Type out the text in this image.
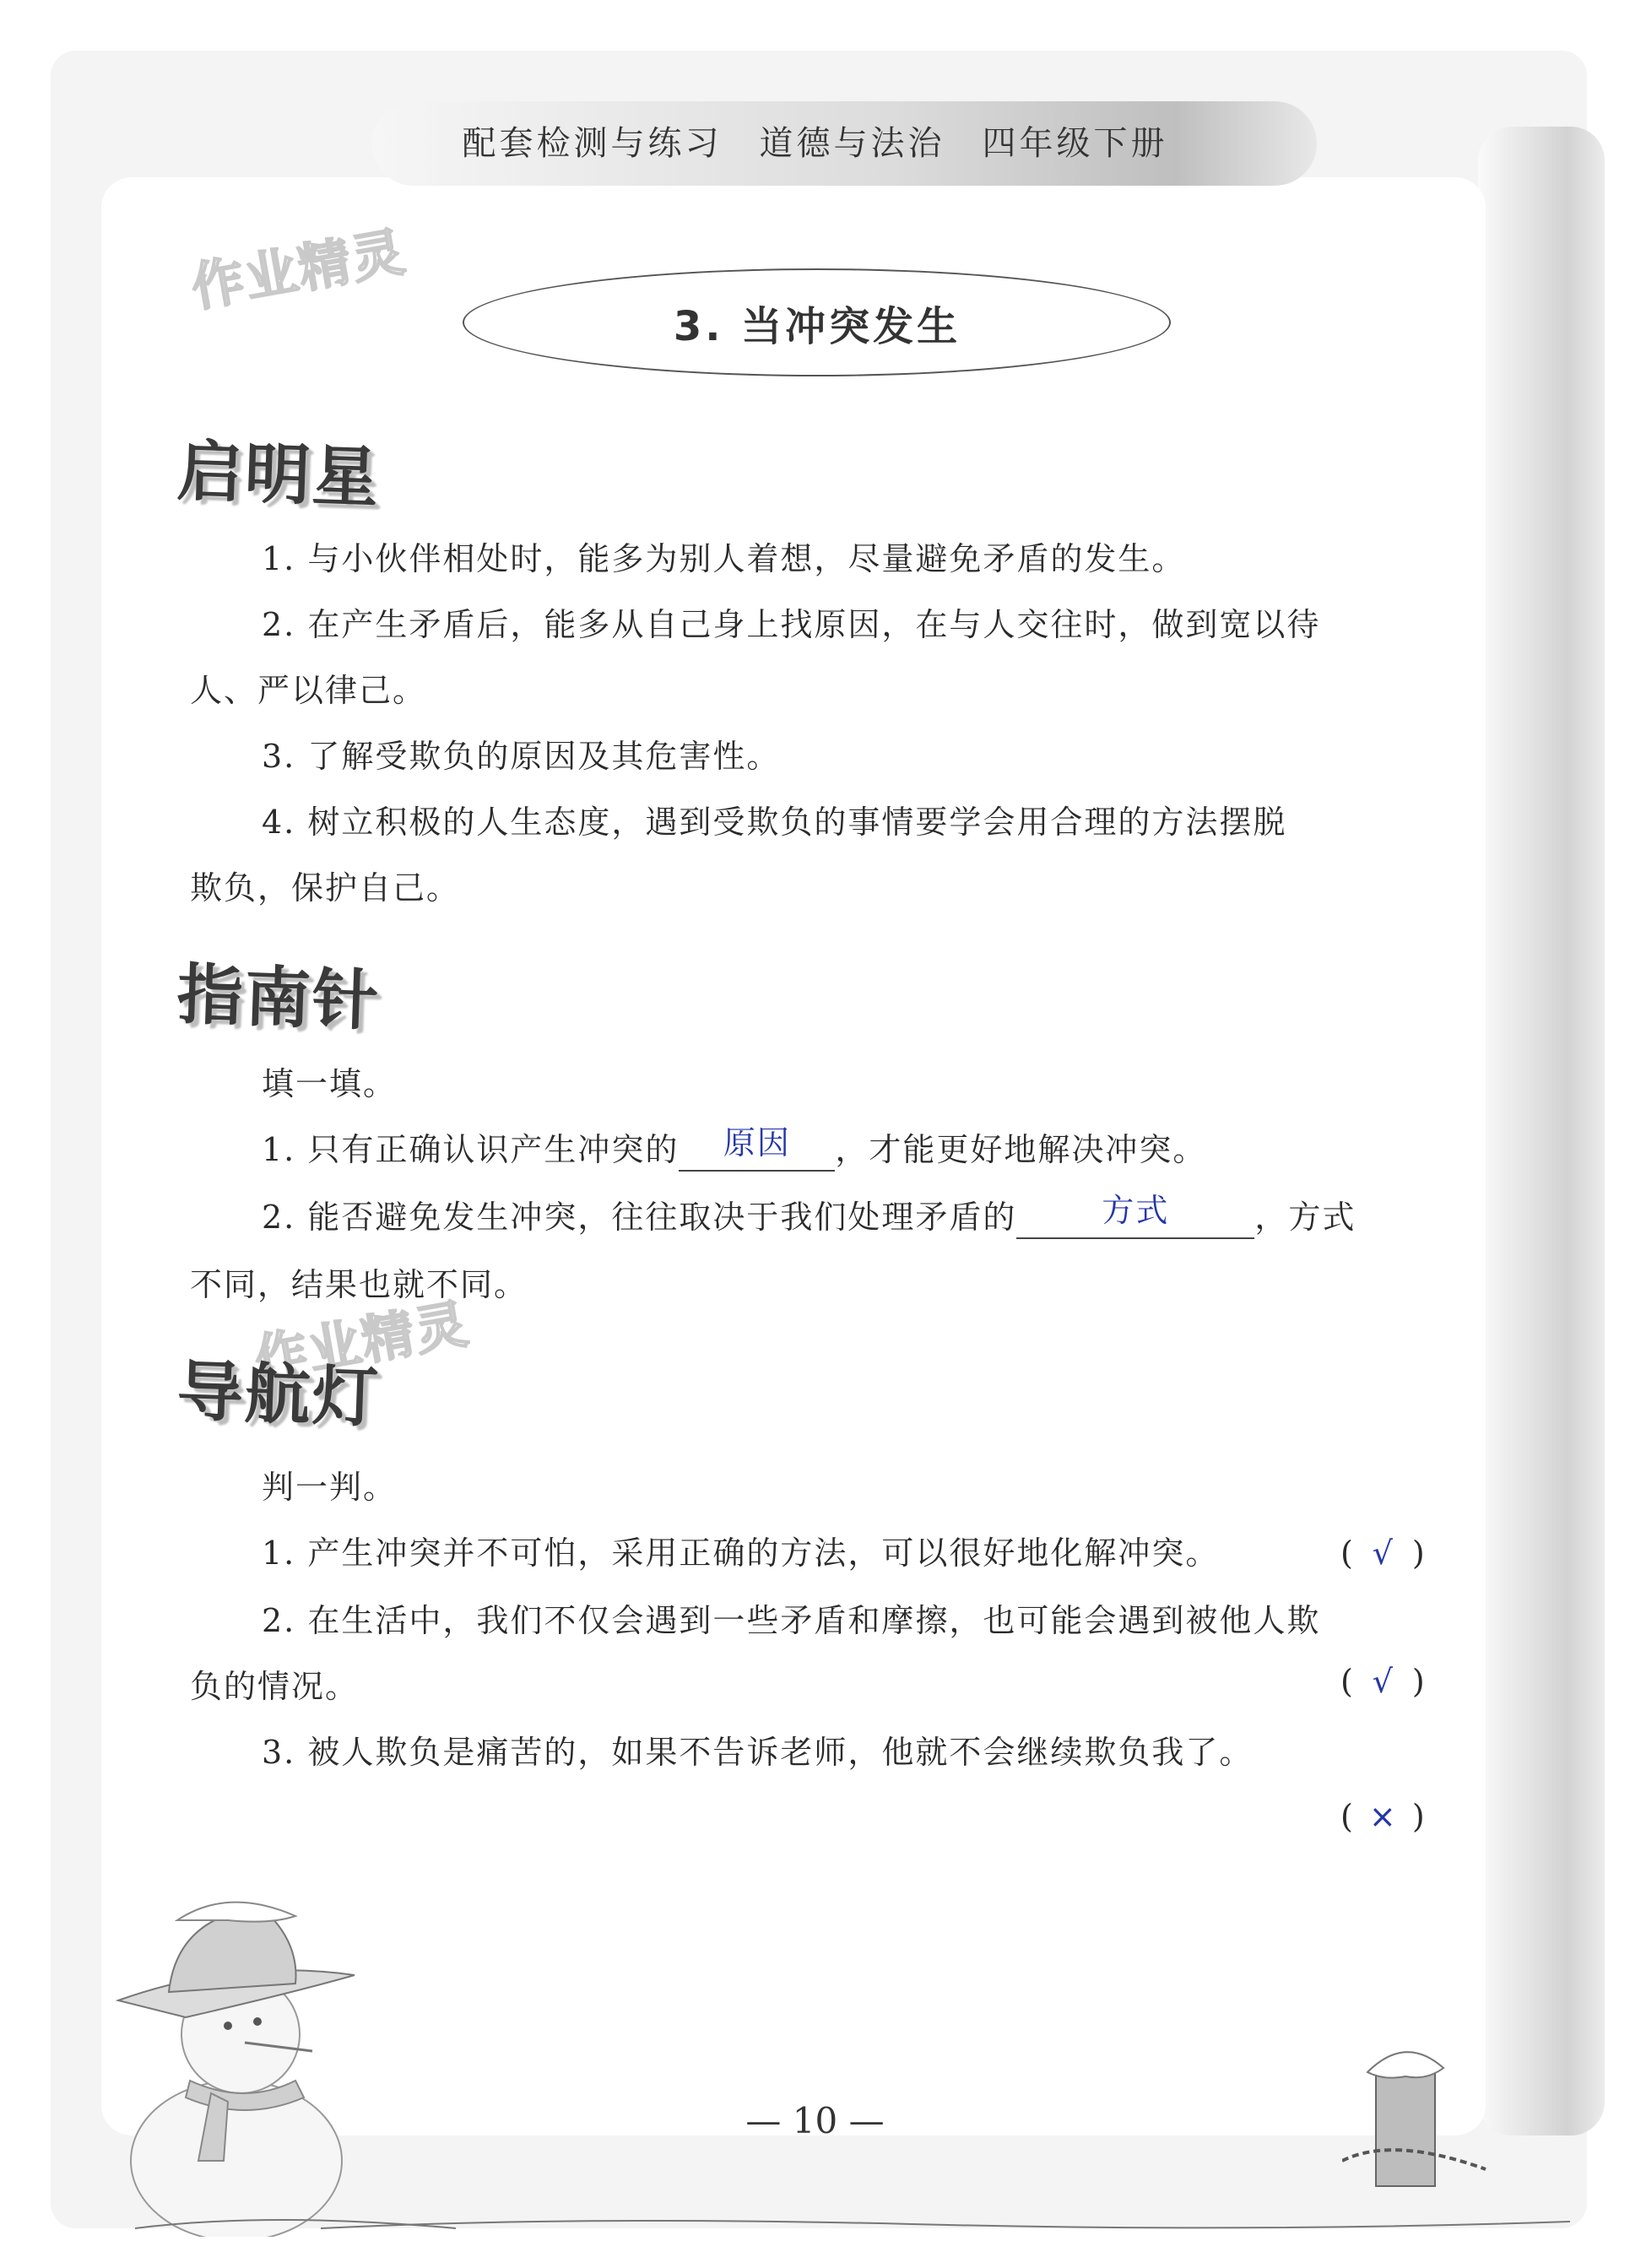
配套检测与练习　道德与法治　四年级下册
作业精灵
作业精灵
3. 当冲突发生
启明星
1. 与小伙伴相处时，能多为别人着想，尽量避免矛盾的发生。
2. 在产生矛盾后，能多从自己身上找原因，在与人交往时，做到宽以待
人、严以律己。
3. 了解受欺负的原因及其危害性。
4. 树立积极的人生态度，遇到受欺负的事情要学会用合理的方法摆脱
欺负，保护自己。
指南针
填一填。
1. 只有正确认识产生冲突的	原因	，才能更好地解决冲突。
2. 能否避免发生冲突，往往取决于我们处理矛盾的	方式	，方式
不同，结果也就不同。
导航灯
判一判。
1. 产生冲突并不可怕，采用正确的方法，可以很好地化解冲突。	( √ )
2. 在生活中，我们不仅会遇到一些矛盾和摩擦，也可能会遇到被他人欺
负的情况。	( √ )
3. 被人欺负是痛苦的，如果不告诉老师，他就不会继续欺负我了。
( × )
— 10 —
